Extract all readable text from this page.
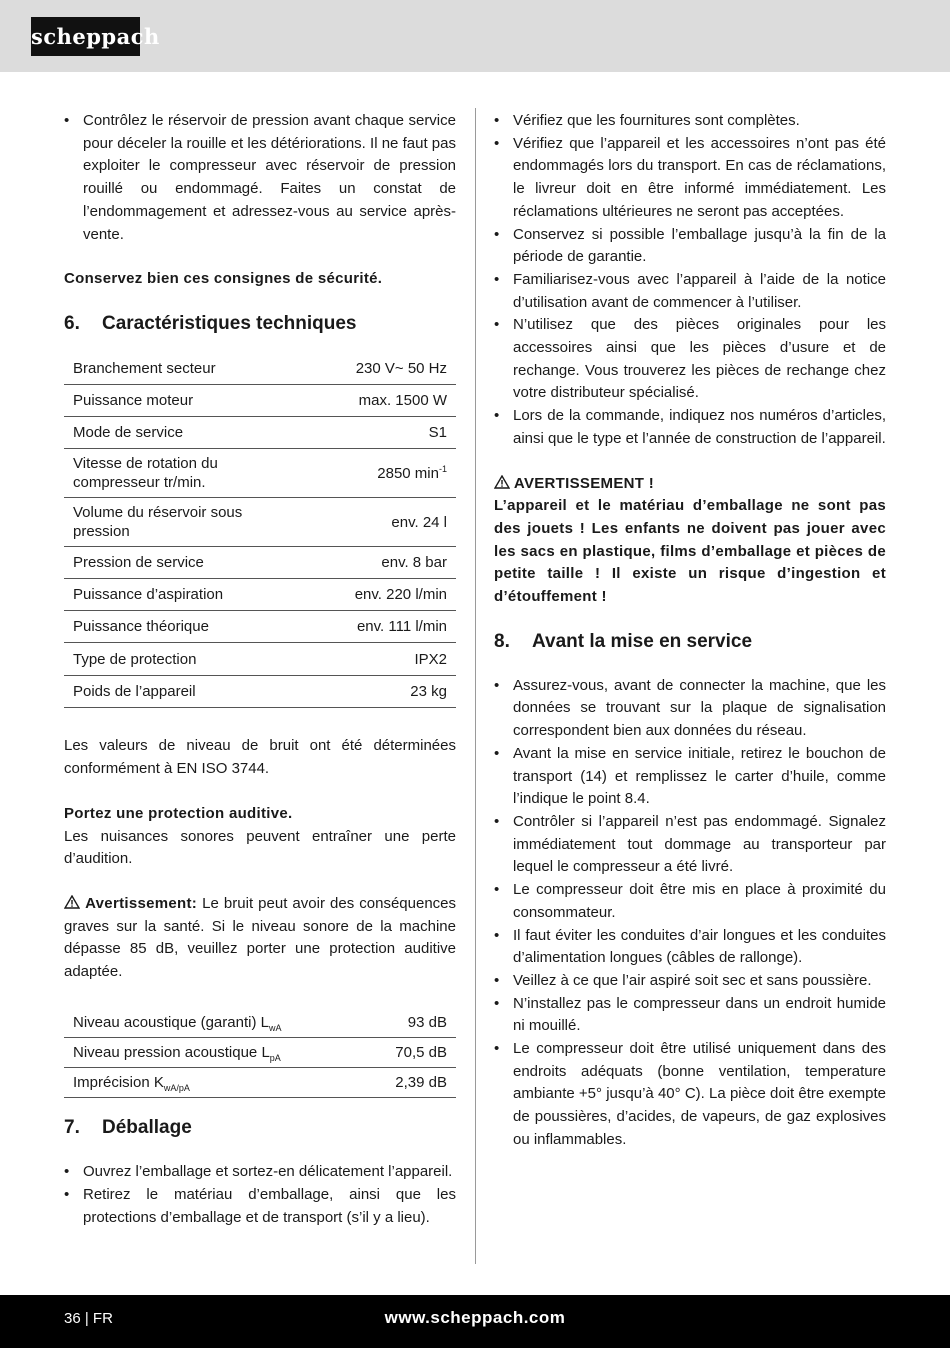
scheppach
• Contrôlez le réservoir de pression avant chaque service pour déceler la rouille et les détériorations. Il ne faut pas exploiter le compresseur avec réservoir de pression rouillé ou endommagé. Faites un constat de l’endommagement et adressez-vous au service après-vente.

Conservez bien ces consignes de sécurité.

6. Caractéristiques techniques
Branchement secteur	230 V~ 50 Hz
Puissance moteur	max. 1500 W
Mode de service	S1
Vitesse de rotation du compresseur tr/min.	2850 $\min^{-1}$
Volume du réservoir sous pression	env. 24 l
Pression de service	env. 8 bar
Puissance d’aspiration	env. 220 l/min
Puissance théorique	env. 111 l/min
Type de protection	IPX2
Poids de l’appareil	23 kg

Les valeurs de niveau de bruit ont été déterminées conformément à EN ISO 3744.

Portez une protection auditive.

Les nuisances sonores peuvent entraîner une perte d’audition.

Avertissement: Le bruit peut avoir des conséquences graves sur la santé. Si le niveau sonore de la machine dépasse 85 dB, veuillez porter une protection auditive adaptée.

Niveau acoustique (garanti) $L_{wA}$	93 dB
Niveau pression acoustique $L_{pA}$	70,5 dB
Imprécision $K_{wA/pA}$	2,39 dB
7. Déballage
• Ouvrez l’emballage et sortez-en délicatement l’appareil.
• Retirez le matériau d’emballage, ainsi que les protections d’emballage et de transport (s’il y a lieu).
• Vérifiez que les fournitures sont complètes.
• Vérifiez que l’appareil et les accessoires n’ont pas été endommagés lors du transport. En cas de réclamations, le livreur doit en être informé immédiatement. Les réclamations ultérieures ne seront pas acceptées.
• Conservez si possible l’emballage jusqu’à la fin de la période de garantie.
• Familiarisez-vous avec l’appareil à l’aide de la notice d’utilisation avant de commencer à l’utiliser.
• N’utilisez que des pièces originales pour les accessoires ainsi que les pièces d’usure et de rechange. Vous trouverez les pièces de rechange chez votre distributeur spécialisé.
• Lors de la commande, indiquez nos numéros d’articles, ainsi que le type et l’année de construction de l’appareil.

AVERTISSEMENT !

L’appareil et le matériau d’emballage ne sont pas des jouets ! Les enfants ne doivent pas jouer avec les sacs en plastique, films d’emballage et pièces de petite taille ! Il existe un risque d’ingestion et d’étouffement !

8. Avant la mise en service
• Assurez-vous, avant de connecter la machine, que les données se trouvant sur la plaque de signalisation correspondent bien aux données du réseau.
• Avant la mise en service initiale, retirez le bouchon de transport (14) et remplissez le carter d’huile, comme l’indique le point 8.4.
• Contrôler si l’appareil n’est pas endommagé. Signalez immédiatement tout dommage au transporteur par lequel le compresseur a été livré.
• Le compresseur doit être mis en place à proximité du consommateur.
• Il faut éviter les conduites d’air longues et les conduites d’alimentation longues (câbles de rallonge).
• Veillez à ce que l’air aspiré soit sec et sans poussière.
• N’installez pas le compresseur dans un endroit humide ni mouillé.
• Le compresseur doit être utilisé uniquement dans des endroits adéquats (bonne ventilation, temperature ambiante +5° jusqu’à 40° C). La pièce doit être exempte de poussières, d’acides, de vapeurs, de gaz explosives ou inflammables.
36 | FR	www.scheppach.com
